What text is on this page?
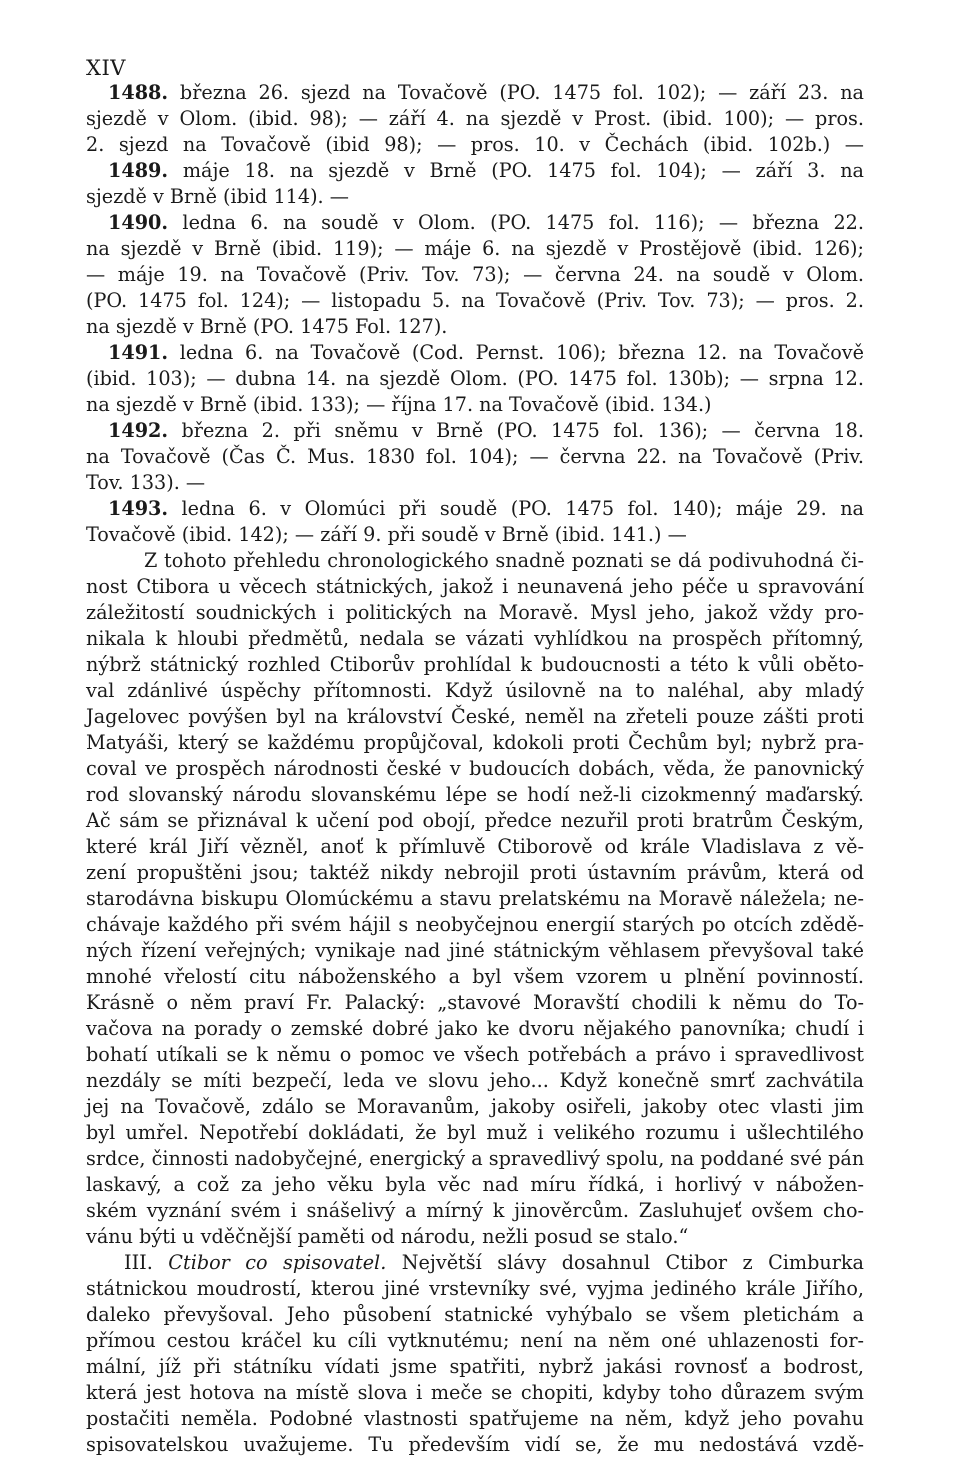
XIV
1488. března 26. sjezd na Tovačově (PO. 1475 fol. 102); — září 23. na
sjezdě v Olom. (ibid. 98); — září 4. na sjezdě v Prost. (ibid. 100); — pros.
2. sjezd na Tovačově (ibid 98); — pros. 10. v Čechách (ibid. 102b.) —
1489. máje 18. na sjezdě v Brně (PO. 1475 fol. 104); — září 3. na
sjezdě v Brně (ibid 114). —
1490. ledna 6. na soudě v Olom. (PO. 1475 fol. 116); — března 22.
na sjezdě v Brně (ibid. 119); — máje 6. na sjezdě v Prostějově (ibid. 126);
— máje 19. na Tovačově (Priv. Tov. 73); — června 24. na soudě v Olom.
(PO. 1475 fol. 124); — listopadu 5. na Tovačově (Priv. Tov. 73); — pros. 2.
na sjezdě v Brně (PO. 1475 Fol. 127).
1491. ledna 6. na Tovačově (Cod. Pernst. 106); března 12. na Tovačově
(ibid. 103); — dubna 14. na sjezdě Olom. (PO. 1475 fol. 130b); — srpna 12.
na sjezdě v Brně (ibid. 133); — října 17. na Tovačově (ibid. 134.)
1492. března 2. při sněmu v Brně (PO. 1475 fol. 136); — června 18.
na Tovačově (Čas Č. Mus. 1830 fol. 104); — června 22. na Tovačově (Priv.
Tov. 133). —
1493. ledna 6. v Olomúci při soudě (PO. 1475 fol. 140); máje 29. na
Tovačově (ibid. 142); — září 9. při soudě v Brně (ibid. 141.) —
Z tohoto přehledu chronologického snadně poznati se dá podivuhodná či-
nost Ctibora u věcech státnických, jakož i neunavená jeho péče u spravování
záležitostí soudnických i politických na Moravě. Mysl jeho, jakož vždy pro-
nikala k hloubi předmětů, nedala se vázati vyhlídkou na prospěch přítomný,
nýbrž státnický rozhled Ctiborův prohlídal k budoucnosti a této k vůli oběto-
val zdánlivé úspěchy přítomnosti. Když úsilovně na to naléhal, aby mladý
Jagelovec povýšen byl na království České, neměl na zřeteli pouze zášti proti
Matyáši, který se každému propůjčoval, kdokoli proti Čechům byl; nybrž pra-
coval ve prospěch národnosti české v budoucích dobách, věda, že panovnický
rod slovanský národu slovanskému lépe se hodí než-li cizokmenný maďarský.
Ač sám se přiznával k učení pod obojí, předce nezuřil proti bratrům Českým,
které král Jiří vězněl, anoť k přímluvě Ctiborově od krále Vladislava z vě-
zení propuštěni jsou; taktéž nikdy nebrojil proti ústavním právům, která od
starodávna biskupu Olomúckému a stavu prelatskému na Moravě náležela; ne-
chávaje každého při svém hájil s neobyčejnou energií starých po otcích zdědě-
ných řízení veřejných; vynikaje nad jiné státnickým věhlasem převyšoval také
mnohé vřelostí citu náboženského a byl všem vzorem u plnění povinností.
Krásně o něm praví Fr. Palacký: „stavové Moravští chodili k němu do To-
vačova na porady o zemské dobré jako ke dvoru nějakého panovníka; chudí i
bohatí utíkali se k němu o pomoc ve všech potřebách a právo i spravedlivost
nezdály se míti bezpečí, leda ve slovu jeho... Když konečně smrť zachvátila
jej na Tovačově, zdálo se Moravanům, jakoby osiřeli, jakoby otec vlasti jim
byl umřel. Nepotřebí dokládati, že byl muž i velikého rozumu i ušlechtilého
srdce, činnosti nadobyčejné, energický a spravedlivý spolu, na poddané své pán
laskavý, a což za jeho věku byla věc nad míru řídká, i horlivý v nábožen-
ském vyznání svém i snášelivý a mírný k jinověrcům. Zasluhujeť ovšem cho-
vánu býti u vděčnější paměti od národu, nežli posud se stalo.“
III. Ctibor co spisovatel. Největší slávy dosahnul Ctibor z Cimburka
státnickou moudrostí, kterou jiné vrstevníky své, vyjma jediného krále Jiřího,
daleko převyšoval. Jeho působení statnické vyhýbalo se všem pletichám a
přímou cestou kráčel ku cíli vytknutému; není na něm oné uhlazenosti for-
mální, jíž při státníku vídati jsme spatřiti, nybrž jakási rovnosť a bodrost,
která jest hotova na místě slova i meče se chopiti, kdyby toho důrazem svým
postačiti neměla. Podobné vlastnosti spatřujeme na něm, když jeho povahu
spisovatelskou uvažujeme. Tu především vidí se, že mu nedostává vzdě-
